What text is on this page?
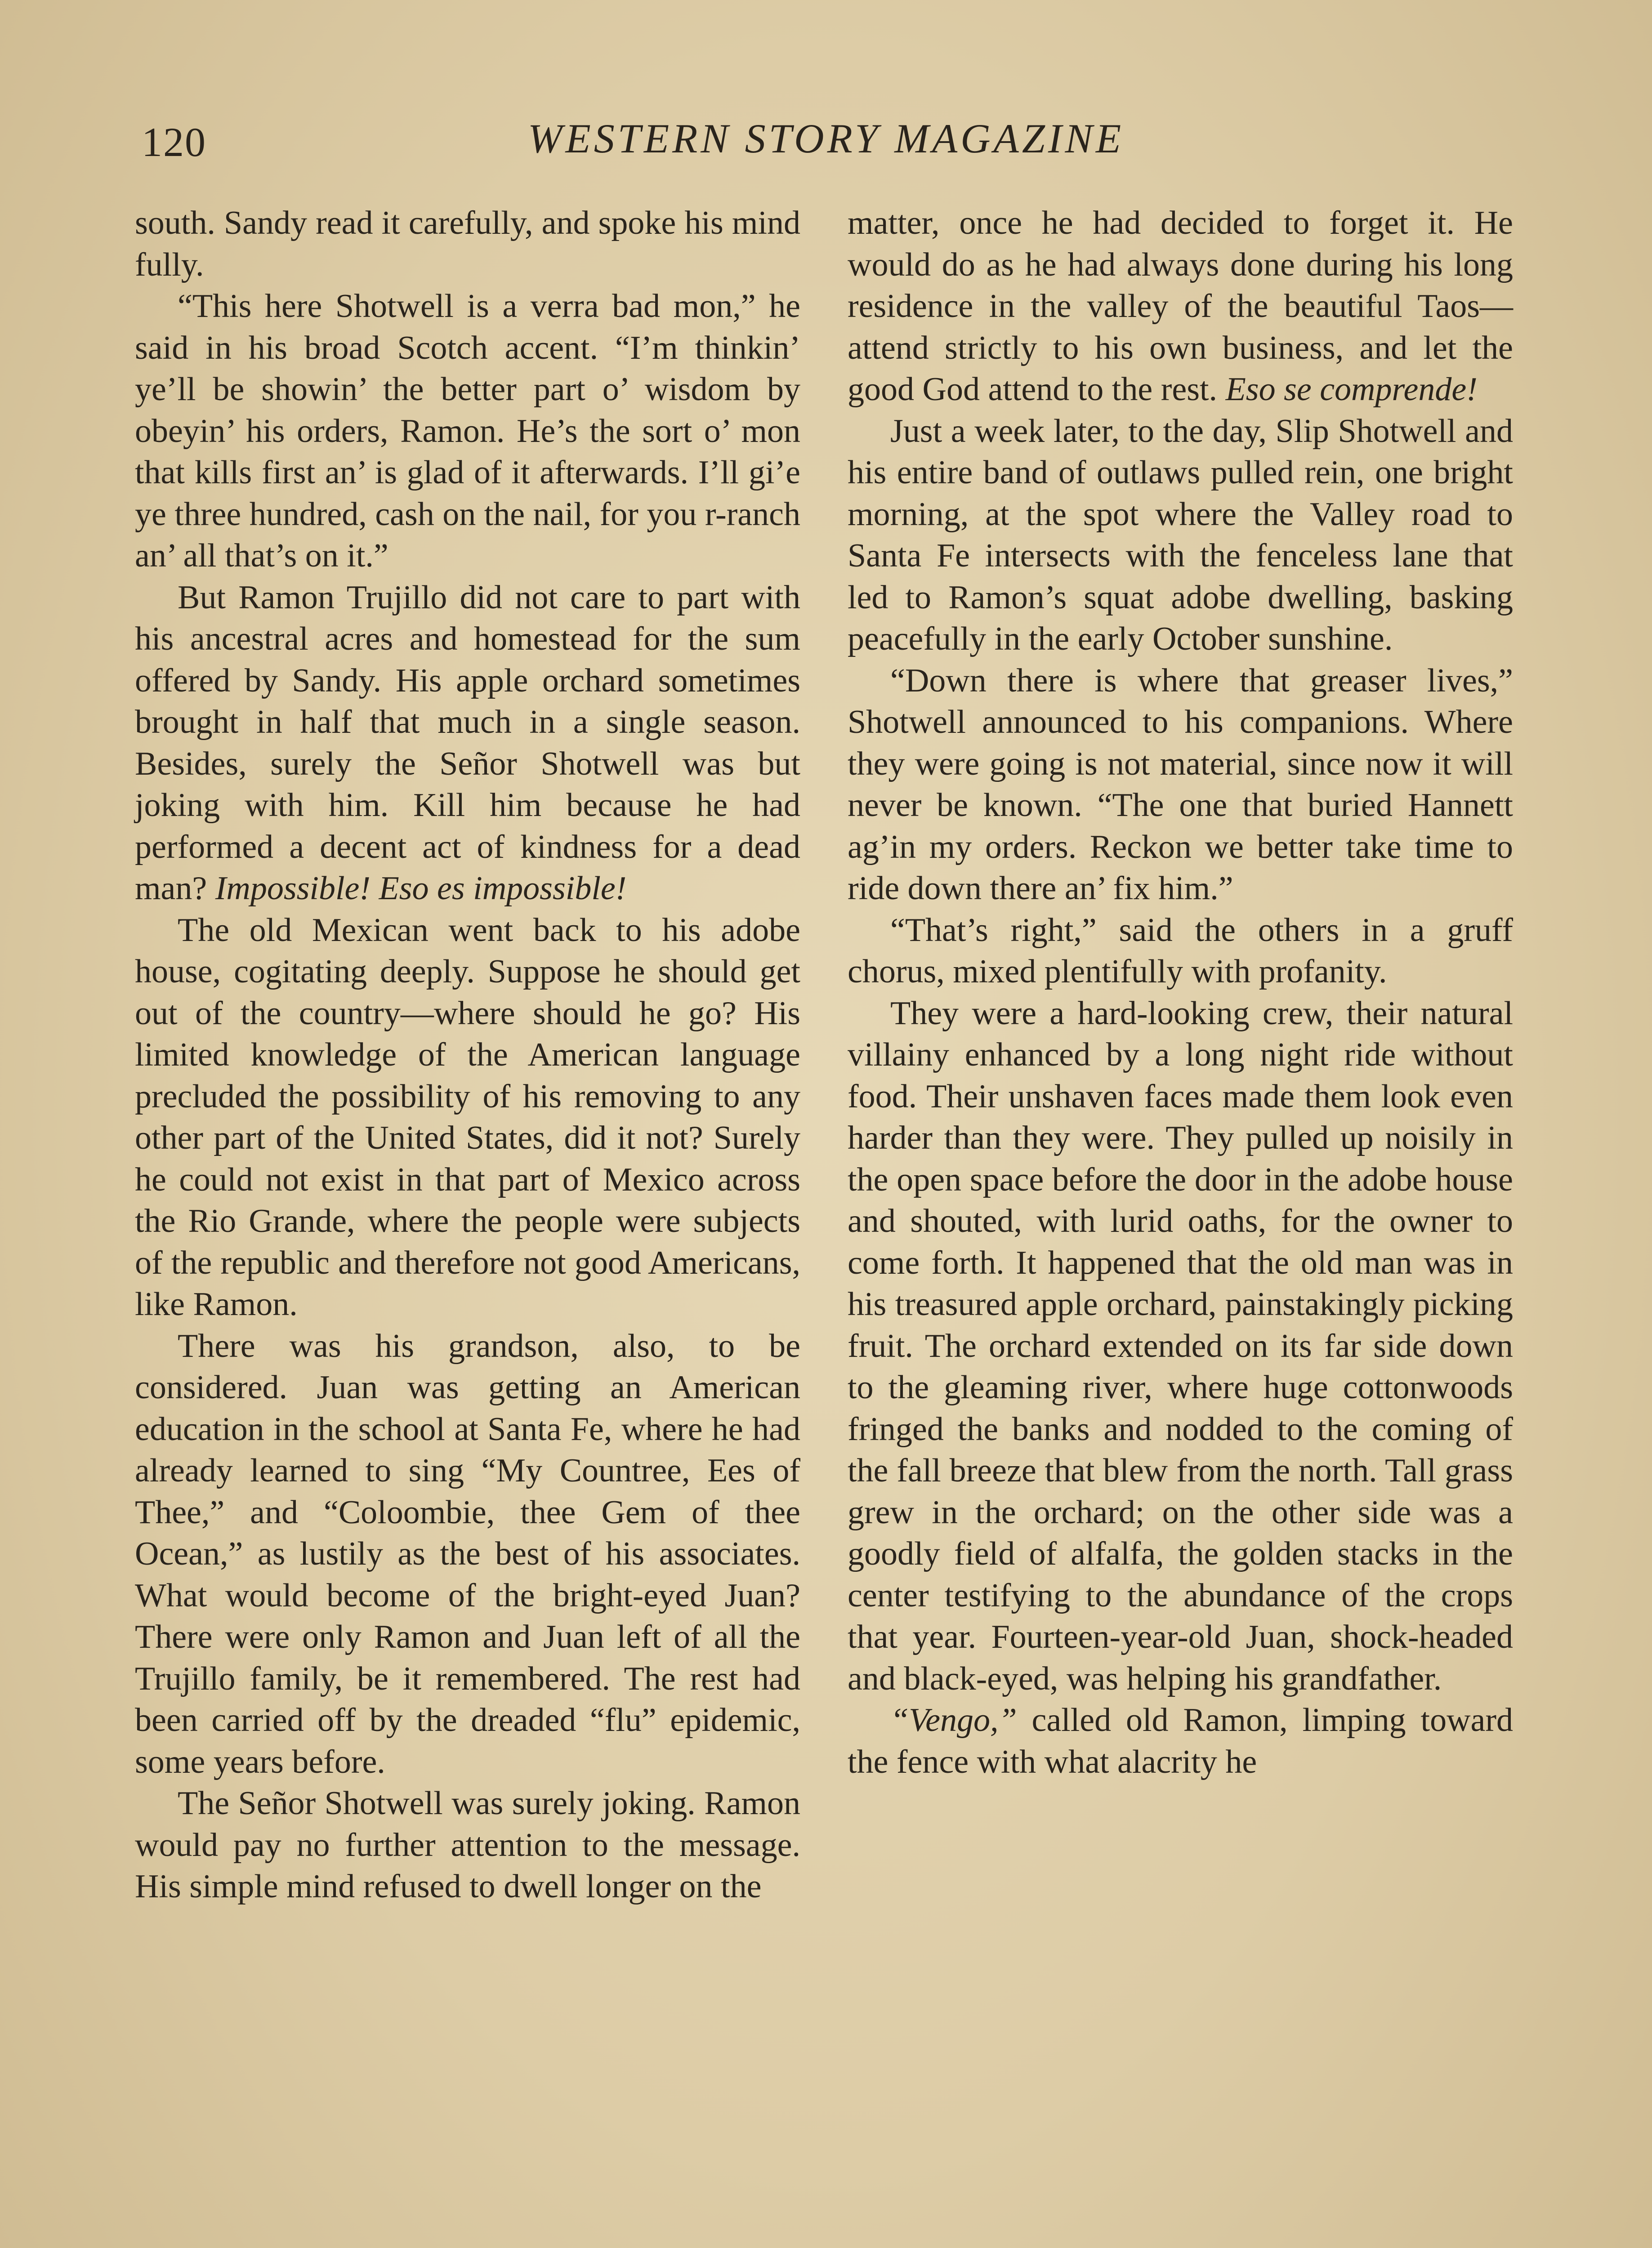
120	WESTERN STORY MAGAZINE

south. Sandy read it carefully, and spoke his mind fully.

“This here Shotwell is a verra bad mon,” he said in his broad Scotch accent. “I’m thinkin’ ye’ll be showin’ the better part o’ wisdom by obeyin’ his orders, Ramon. He’s the sort o’ mon that kills first an’ is glad of it afterwards. I’ll gi’e ye three hundred, cash on the nail, for you r-ranch an’ all that’s on it.”

But Ramon Trujillo did not care to part with his ancestral acres and homestead for the sum offered by Sandy. His apple orchard sometimes brought in half that much in a single season. Besides, surely the Señor Shotwell was but joking with him. Kill him because he had performed a decent act of kindness for a dead man? Impossible! Eso es impossible!

The old Mexican went back to his adobe house, cogitating deeply. Suppose he should get out of the country—where should he go? His limited knowledge of the American language precluded the possibility of his removing to any other part of the United States, did it not? Surely he could not exist in that part of Mexico across the Rio Grande, where the people were subjects of the republic and therefore not good Americans, like Ramon.

There was his grandson, also, to be considered. Juan was getting an American education in the school at Santa Fe, where he had already learned to sing “My Countree, Ees of Thee,” and “Coloombie, thee Gem of thee Ocean,” as lustily as the best of his associates. What would become of the bright-eyed Juan? There were only Ramon and Juan left of all the Trujillo family, be it remembered. The rest had been carried off by the dreaded “flu” epidemic, some years before.

The Señor Shotwell was surely joking. Ramon would pay no further attention to the message. His simple mind refused to dwell longer on the

matter, once he had decided to forget it. He would do as he had always done during his long residence in the valley of the beautiful Taos—attend strictly to his own business, and let the good God attend to the rest. Eso se comprende!

Just a week later, to the day, Slip Shotwell and his entire band of outlaws pulled rein, one bright morning, at the spot where the Valley road to Santa Fe intersects with the fenceless lane that led to Ramon’s squat adobe dwelling, basking peacefully in the early October sunshine.

“Down there is where that greaser lives,” Shotwell announced to his companions. Where they were going is not material, since now it will never be known. “The one that buried Hannett ag’in my orders. Reckon we better take time to ride down there an’ fix him.”

“That’s right,” said the others in a gruff chorus, mixed plentifully with profanity.

They were a hard-looking crew, their natural villainy enhanced by a long night ride without food. Their unshaven faces made them look even harder than they were. They pulled up noisily in the open space before the door in the adobe house and shouted, with lurid oaths, for the owner to come forth. It happened that the old man was in his treasured apple orchard, painstakingly picking fruit. The orchard extended on its far side down to the gleaming river, where huge cottonwoods fringed the banks and nodded to the coming of the fall breeze that blew from the north. Tall grass grew in the orchard; on the other side was a goodly field of alfalfa, the golden stacks in the center testifying to the abundance of the crops that year. Fourteen-year-old Juan, shock-headed and black-eyed, was helping his grandfather.

“Vengo,” called old Ramon, limping toward the fence with what alacrity he
